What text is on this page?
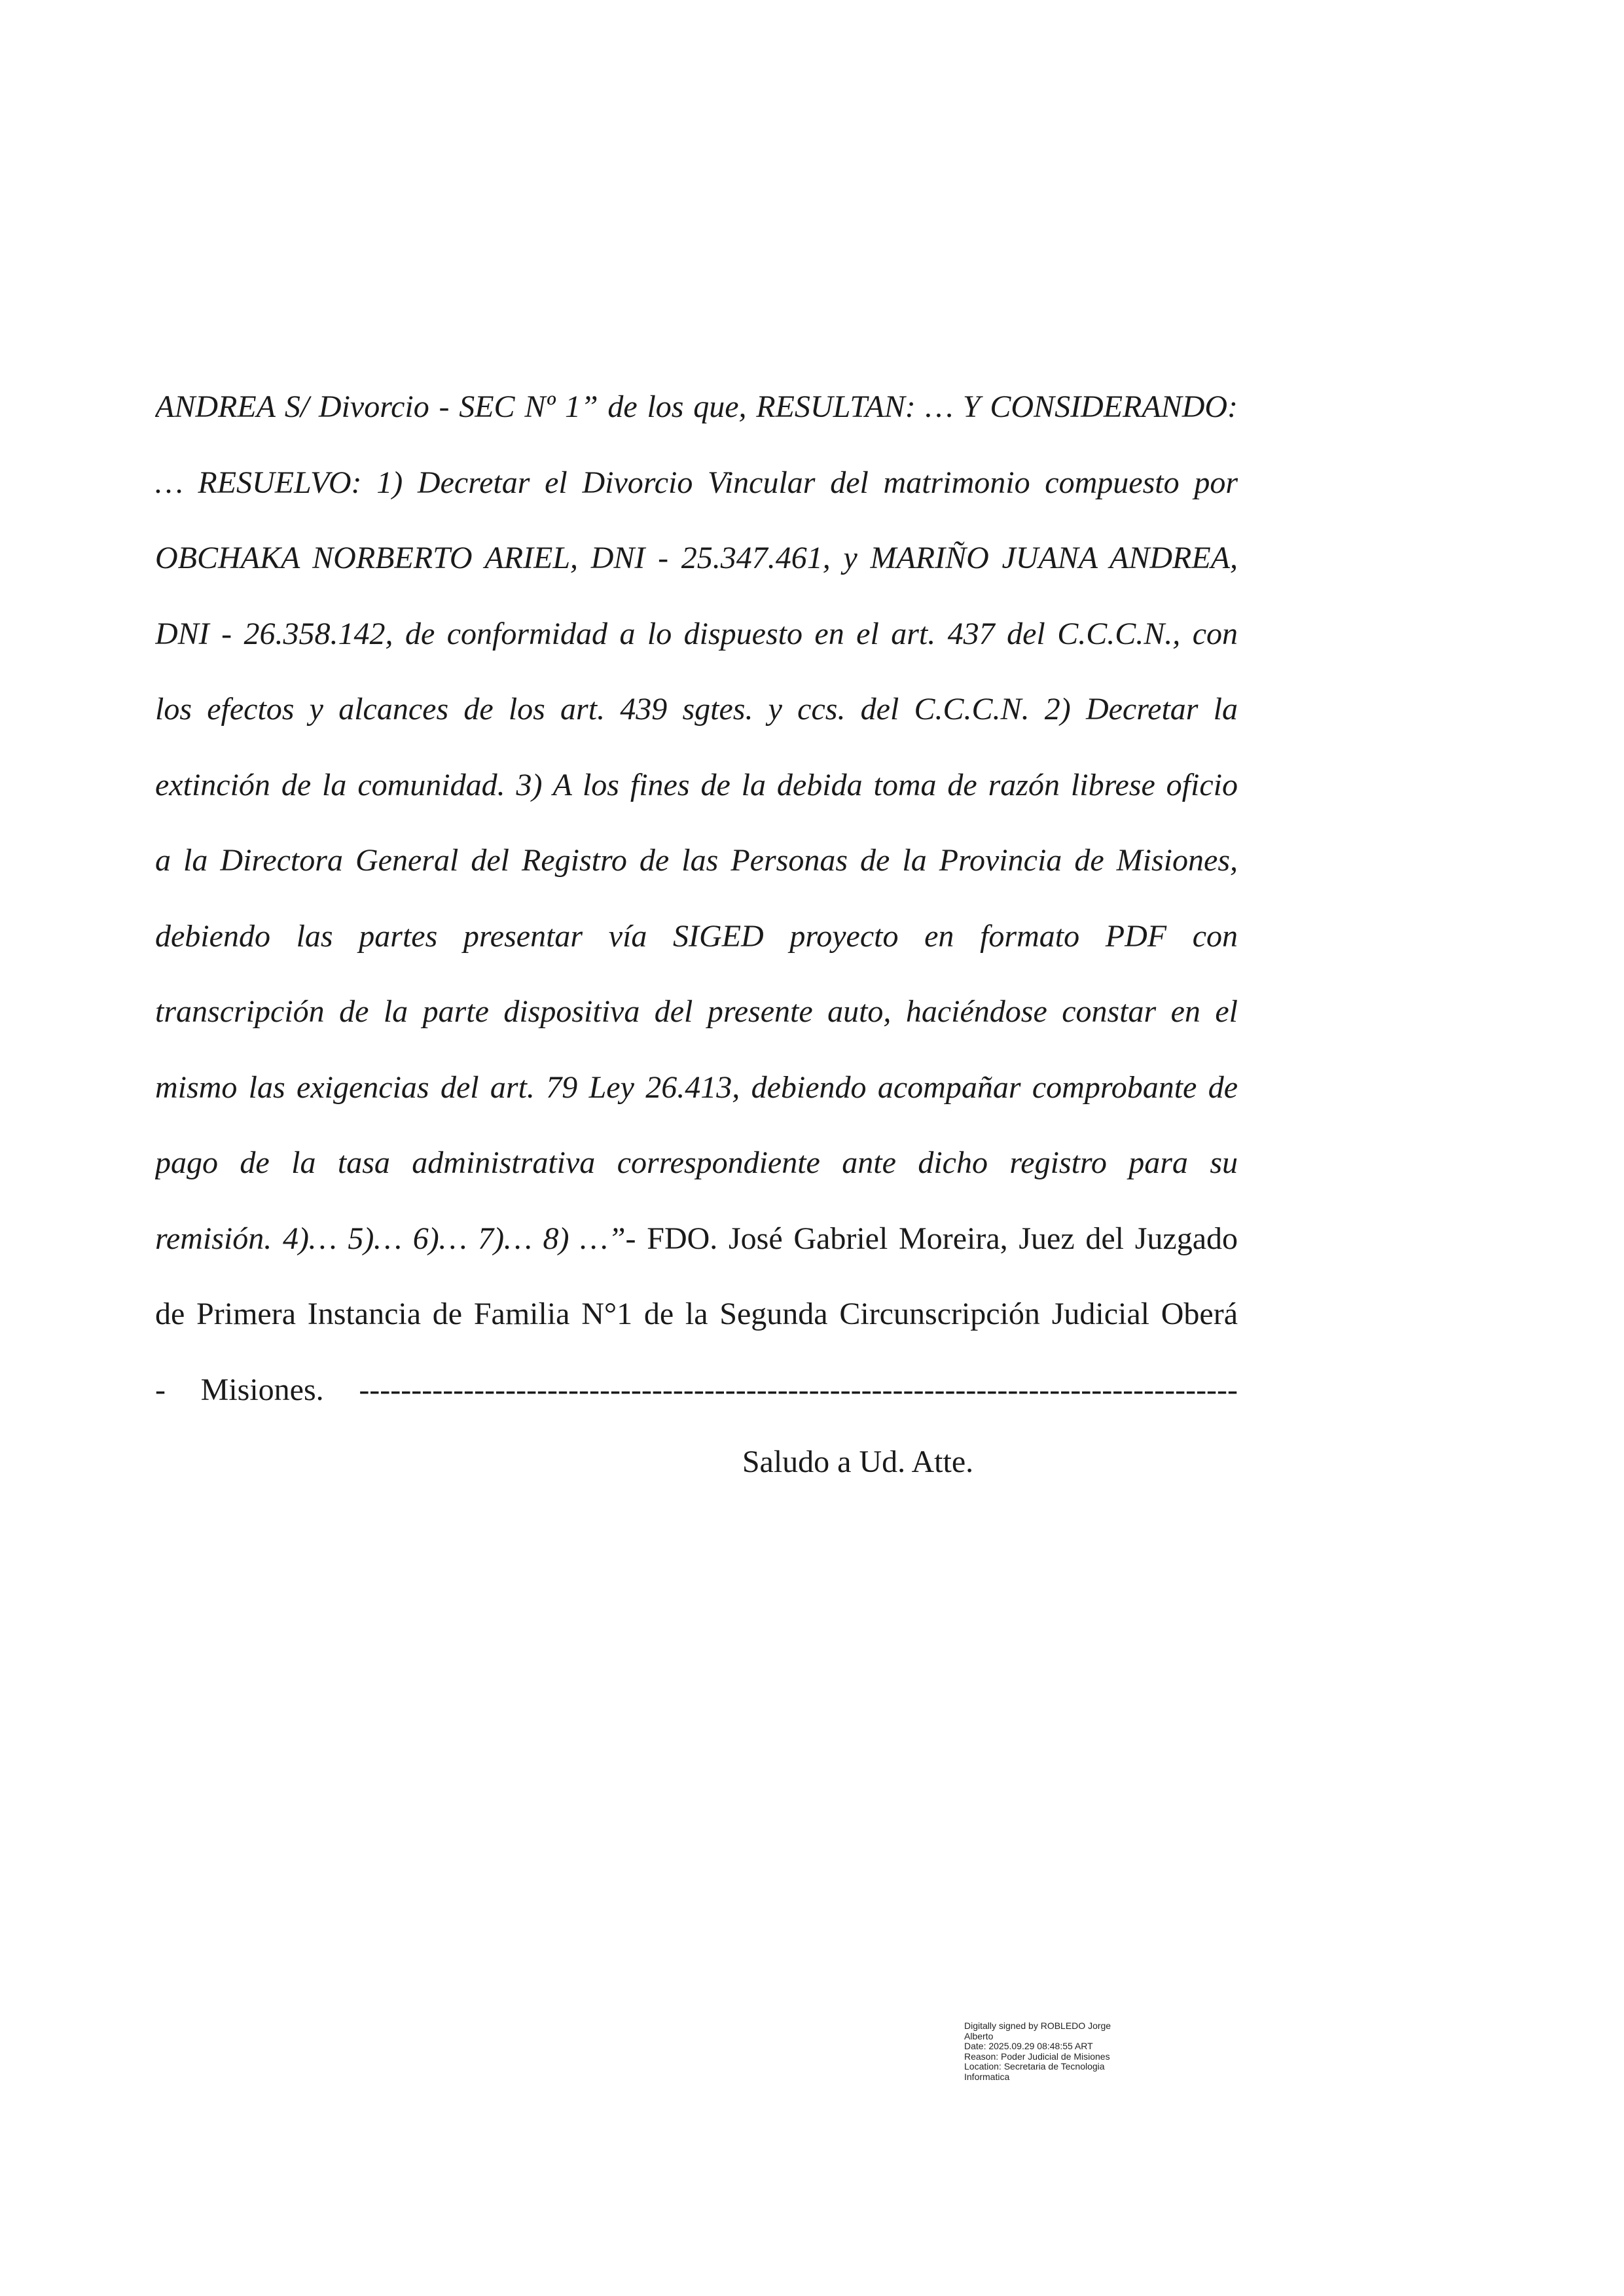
ANDREA S/ Divorcio - SEC Nº 1” de los que, RESULTAN: … Y CONSIDERANDO:
… RESUELVO: 1) Decretar el Divorcio Vincular del matrimonio compuesto por
OBCHAKA NORBERTO ARIEL, DNI - 25.347.461, y MARIÑO JUANA ANDREA,
DNI - 26.358.142, de conformidad a lo dispuesto en el art. 437 del C.C.C.N., con
los efectos y alcances de los art. 439 sgtes. y ccs. del C.C.C.N. 2) Decretar la
extinción de la comunidad. 3) A los fines de la debida toma de razón librese oficio
a la Directora General del Registro de las Personas de la Provincia de Misiones,
debiendo las partes presentar vía SIGED proyecto en formato PDF con
transcripción de la parte dispositiva del presente auto, haciéndose constar en el
mismo las exigencias del art. 79 Ley 26.413, debiendo acompañar comprobante de
pago de la tasa administrativa correspondiente ante dicho registro para su
remisión. 4)… 5)… 6)… 7)… 8) …”- FDO. José Gabriel Moreira, Juez del Juzgado
de Primera Instancia de Familia N°1 de la Segunda Circunscripción Judicial Oberá
- Misiones. ------------------------------------------------------------------------------------
Saludo a Ud. Atte.
Digitally signed by ROBLEDO Jorge
Alberto
Date: 2025.09.29 08:48:55 ART
Reason: Poder Judicial de Misiones
Location: Secretaria de Tecnologia
Informatica
